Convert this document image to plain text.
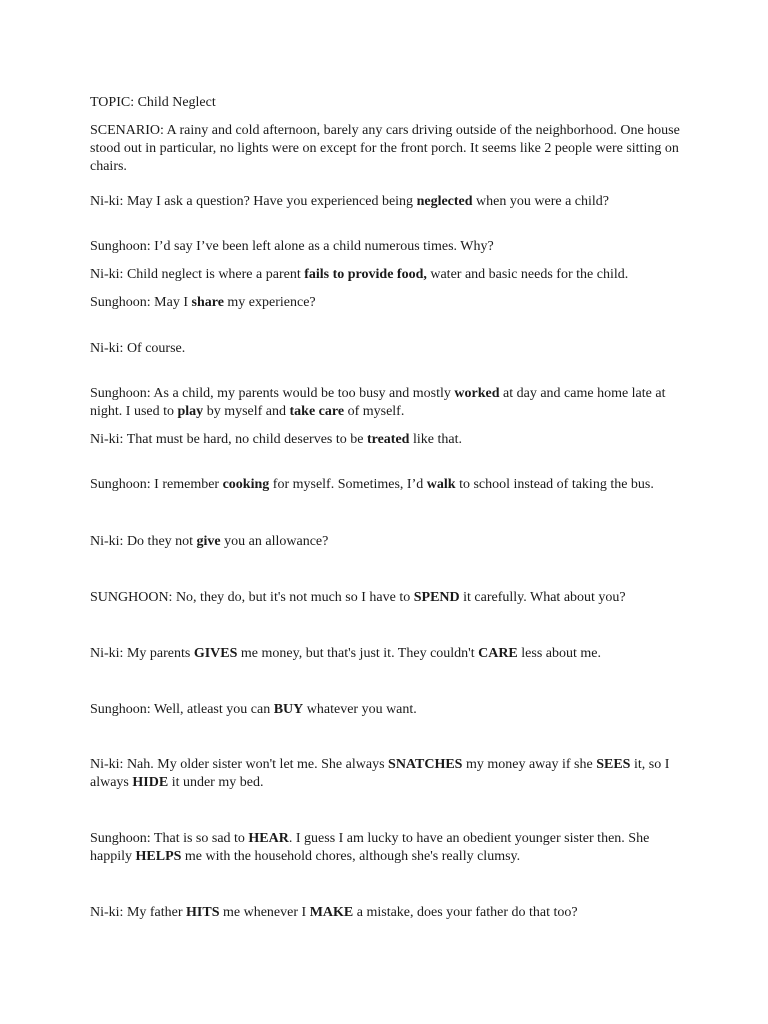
TOPIC: Child Neglect

SCENARIO: A rainy and cold afternoon, barely any cars driving outside of the neighborhood. One house stood out in particular, no lights were on except for the front porch. It seems like 2 people were sitting on chairs.

Ni-ki: May I ask a question? Have you experienced being neglected when you were a child?

Sunghoon: I’d say I’ve been left alone as a child numerous times. Why?

Ni-ki: Child neglect is where a parent fails to provide food, water and basic needs for the child.

Sunghoon: May I share my experience?

Ni-ki: Of course.

Sunghoon: As a child, my parents would be too busy and mostly worked at day and came home late at night. I used to play by myself and take care of myself.

Ni-ki: That must be hard, no child deserves to be treated like that.

Sunghoon: I remember cooking for myself. Sometimes, I’d walk to school instead of taking the bus.

Ni-ki: Do they not give you an allowance?

SUNGHOON: No, they do, but it's not much so I have to SPEND it carefully. What about you?

Ni-ki: My parents GIVES me money, but that's just it. They couldn't CARE less about me.

Sunghoon: Well, atleast you can BUY whatever you want.

Ni-ki: Nah. My older sister won't let me. She always SNATCHES my money away if she SEES it, so I always HIDE it under my bed.

Sunghoon: That is so sad to HEAR. I guess I am lucky to have an obedient younger sister then. She happily HELPS me with the household chores, although she's really clumsy.

Ni-ki: My father HITS me whenever I MAKE a mistake, does your father do that too?
